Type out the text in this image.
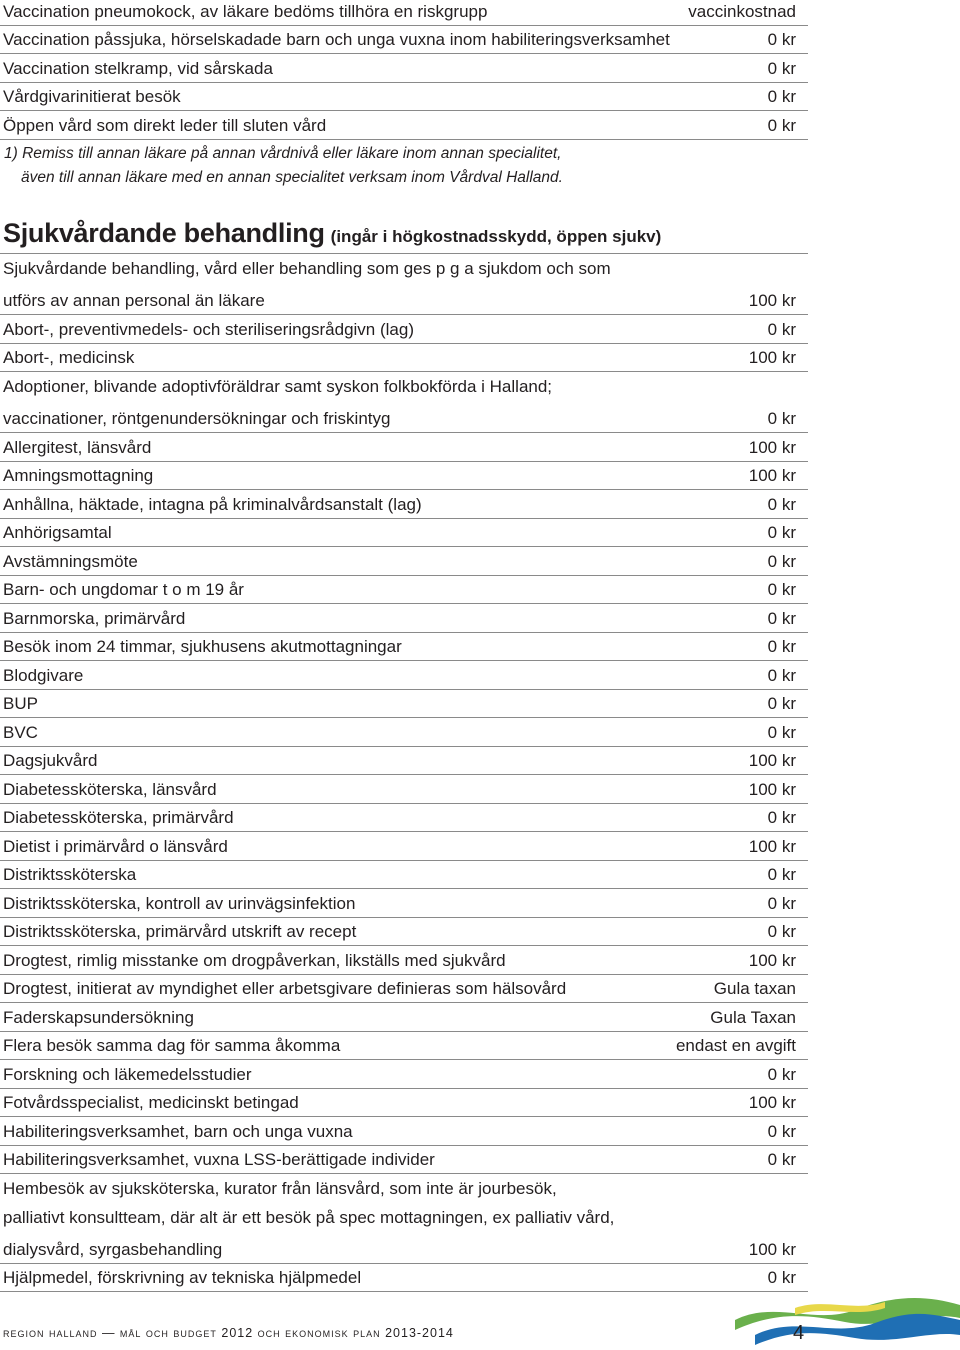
Vaccination pneumokock, av läkare bedöms tillhöra en riskgrupp	vaccinkostnad
Vaccination påssjuka, hörselskadade barn och unga vuxna inom habiliteringsverksamhet	0 kr
Vaccination stelkramp, vid sårskada	0 kr
Vårdgivarinitierat besök	0 kr
Öppen vård som direkt leder till sluten vård	0 kr
1) Remiss till annan läkare på annan vårdnivå eller läkare inom annan specialitet,
även till annan läkare med en annan specialitet verksam inom Vårdval Halland.
Sjukvårdande behandling (ingår i högkostnadsskydd, öppen sjukv)
Sjukvårdande behandling, vård eller behandling som ges p g a sjukdom och som
utförs av annan personal än läkare	100 kr
Abort-, preventivmedels- och steriliseringsrådgivn (lag)	0 kr
Abort-, medicinsk	100 kr
Adoptioner, blivande adoptivföräldrar samt syskon folkbokförda i Halland;
vaccinationer, röntgenundersökningar och friskintyg	0 kr
Allergitest, länsvård	100 kr
Amningsmottagning	100 kr
Anhållna, häktade, intagna på kriminalvårdsanstalt (lag)	0 kr
Anhörigsamtal	0 kr
Avstämningsmöte	0 kr
Barn- och ungdomar t o m 19 år	0 kr
Barnmorska, primärvård	0 kr
Besök inom 24 timmar, sjukhusens akutmottagningar	0 kr
Blodgivare	0 kr
BUP	0 kr
BVC	0 kr
Dagsjukvård	100 kr
Diabetessköterska, länsvård	100 kr
Diabetessköterska, primärvård	0 kr
Dietist i primärvård o länsvård	100 kr
Distriktssköterska	0 kr
Distriktssköterska, kontroll av urinvägsinfektion	0 kr
Distriktssköterska, primärvård utskrift av recept	0 kr
Drogtest, rimlig misstanke om drogpåverkan, likställs med sjukvård	100 kr
Drogtest, initierat av myndighet eller arbetsgivare definieras som hälsovård	Gula taxan
Faderskapsundersökning	Gula Taxan
Flera besök samma dag för samma åkomma	endast en avgift
Forskning och läkemedelsstudier	0 kr
Fotvårdsspecialist, medicinskt betingad	100 kr
Habiliteringsverksamhet, barn och unga vuxna	0 kr
Habiliteringsverksamhet, vuxna LSS-berättigade individer	0 kr
Hembesök av sjuksköterska, kurator från länsvård, som inte är jourbesök,
palliativt konsultteam, där alt är ett besök på spec mottagningen, ex palliativ vård,
dialysvård, syrgasbehandling	100 kr
Hjälpmedel, förskrivning av tekniska hjälpmedel	0 kr
region halland — mål och budget 2012 och ekonomisk plan 2013-2014	4
